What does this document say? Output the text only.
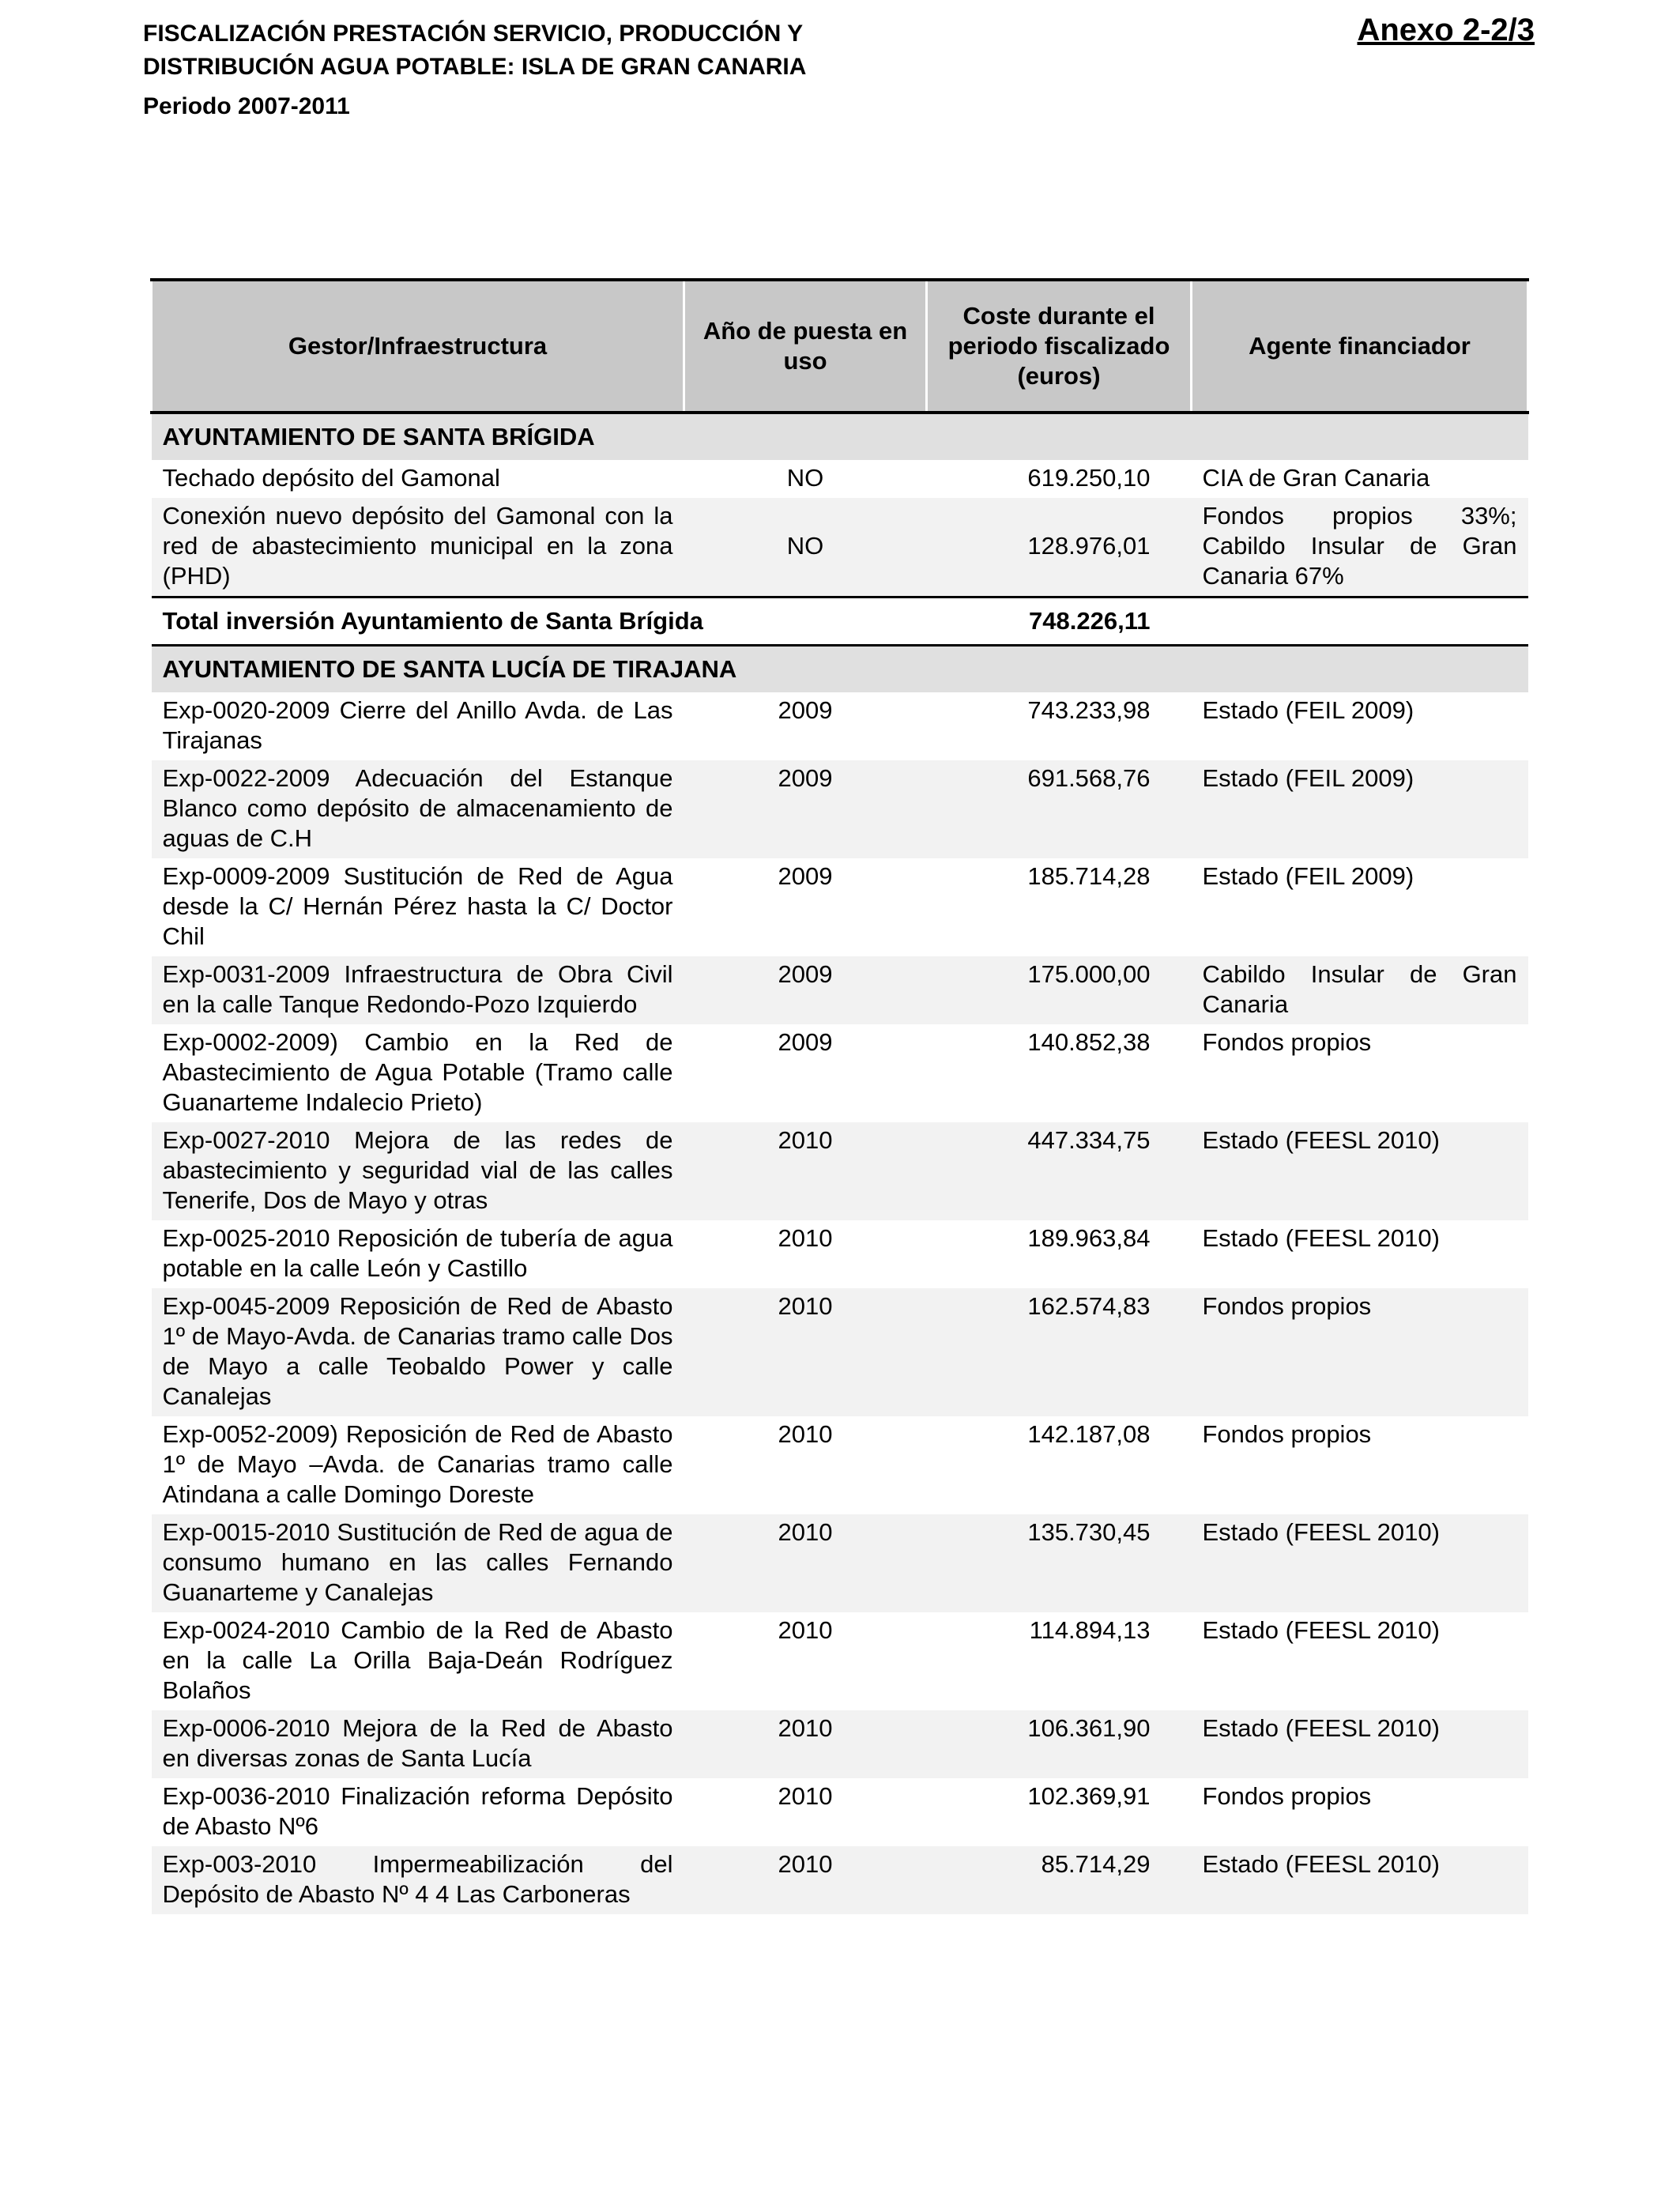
FISCALIZACIÓN PRESTACIÓN SERVICIO, PRODUCCIÓN Y
DISTRIBUCIÓN AGUA POTABLE: ISLA DE GRAN CANARIA
Periodo 2007-2011
Anexo 2-2/3
Gestor/Infraestructura	Año de puesta en uso	Coste durante el periodo fiscalizado (euros)	Agente financiador
AYUNTAMIENTO DE SANTA BRÍGIDA			
Techado depósito del Gamonal	NO	619.250,10	CIA de Gran Canaria
Conexión nuevo depósito del Gamonal con la red de abastecimiento municipal en la zona (PHD)	NO	128.976,01	Fondos propios 33%; Cabildo Insular de Gran Canaria 67%
Total inversión Ayuntamiento de Santa Brígida		748.226,11	
AYUNTAMIENTO DE SANTA LUCÍA DE TIRAJANA			
Exp-0020-2009 Cierre del Anillo Avda. de Las Tirajanas	2009	743.233,98	Estado (FEIL 2009)
Exp-0022-2009 Adecuación del Estanque Blanco como depósito de almacenamiento de aguas de C.H	2009	691.568,76	Estado (FEIL 2009)
Exp-0009-2009 Sustitución de Red de Agua desde la C/ Hernán Pérez hasta la C/ Doctor Chil	2009	185.714,28	Estado (FEIL 2009)
Exp-0031-2009 Infraestructura de Obra Civil en la calle Tanque Redondo-Pozo Izquierdo	2009	175.000,00	Cabildo Insular de Gran Canaria
Exp-0002-2009) Cambio en la Red de Abastecimiento de Agua Potable (Tramo calle Guanarteme Indalecio Prieto)	2009	140.852,38	Fondos propios
Exp-0027-2010 Mejora de las redes de abastecimiento y seguridad vial de las calles Tenerife, Dos de Mayo y otras	2010	447.334,75	Estado (FEESL 2010)
Exp-0025-2010 Reposición de tubería de agua potable en la calle León y Castillo	2010	189.963,84	Estado (FEESL 2010)
Exp-0045-2009 Reposición de Red de Abasto 1º de Mayo-Avda. de Canarias tramo calle Dos de Mayo a calle Teobaldo Power y calle Canalejas	2010	162.574,83	Fondos propios
Exp-0052-2009) Reposición de Red de Abasto 1º de Mayo –Avda. de Canarias tramo calle Atindana a calle Domingo Doreste	2010	142.187,08	Fondos propios
Exp-0015-2010 Sustitución de Red de agua de consumo humano en las calles Fernando Guanarteme y Canalejas	2010	135.730,45	Estado (FEESL 2010)
Exp-0024-2010 Cambio de la Red de Abasto en la calle La Orilla Baja-Deán Rodríguez Bolaños	2010	114.894,13	Estado (FEESL 2010)
Exp-0006-2010 Mejora de la Red de Abasto en diversas zonas de Santa Lucía	2010	106.361,90	Estado (FEESL 2010)
Exp-0036-2010 Finalización reforma Depósito de Abasto Nº6	2010	102.369,91	Fondos propios
Exp-003-2010 Impermeabilización del Depósito de Abasto Nº 4 4 Las Carboneras	2010	85.714,29	Estado (FEESL 2010)
